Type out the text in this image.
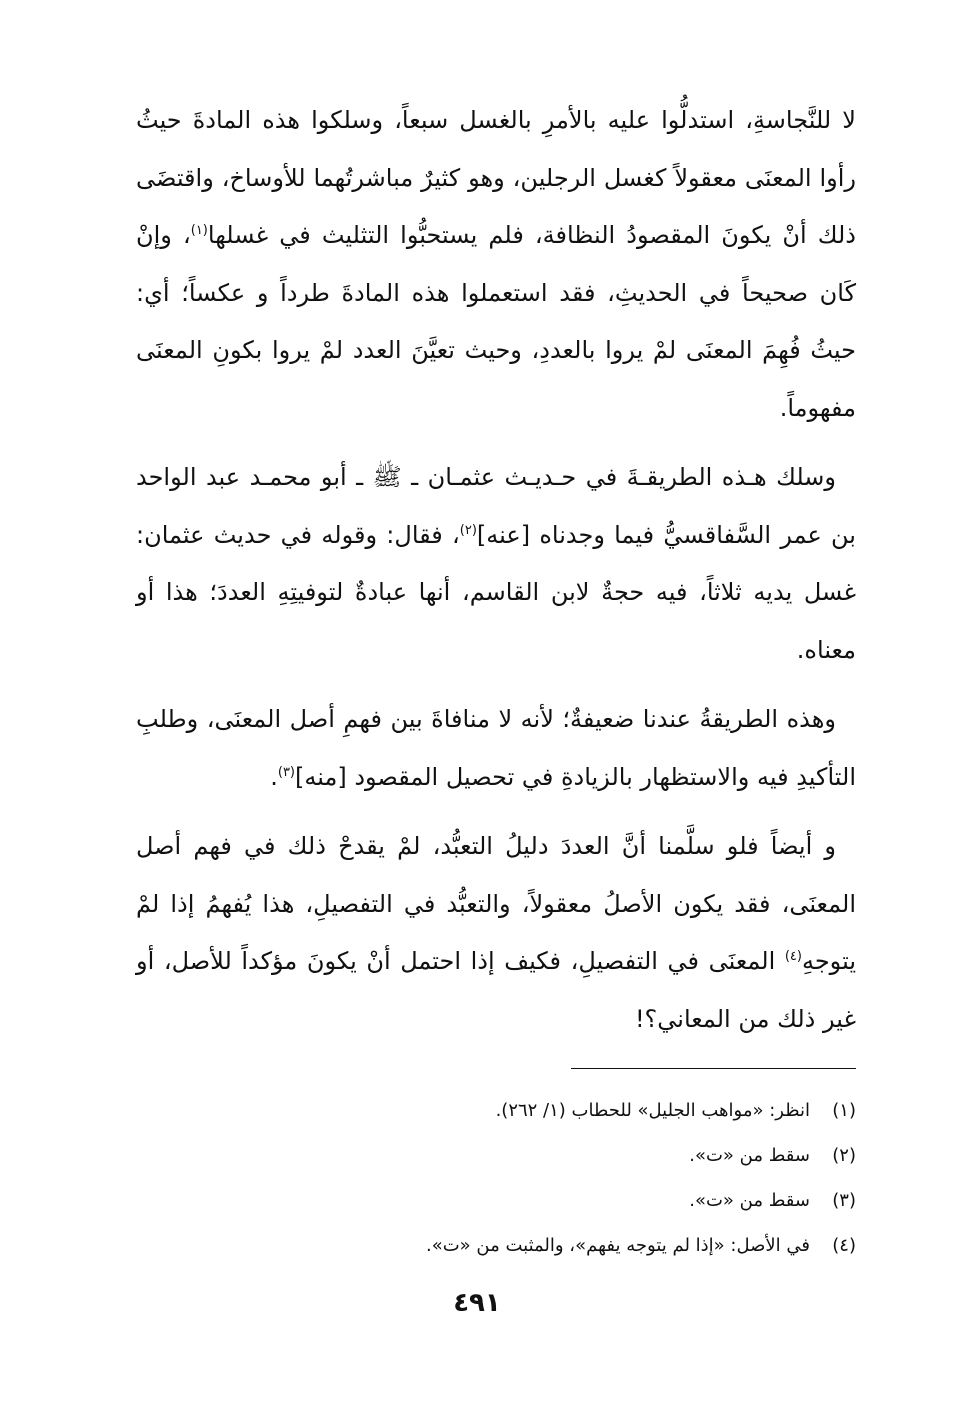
لا للنَّجاسةِ، استدلُّوا عليه بالأمرِ بالغسل سبعاً، وسلكوا هذه المادةَ حيثُ رأوا المعنَى معقولاً كغسل الرجلين، وهو كثيرٌ مباشرتُهما للأوساخ، واقتضَى ذلك أنْ يكونَ المقصودُ النظافة، فلم يستحبُّوا التثليث في غسلها$^{(١)}$، وإنْ كَان صحيحاً في الحديثِ، فقد استعملوا هذه المادةَ طرداً و عكساً؛ أي: حيثُ فُهِمَ المعنَى لمْ يروا بالعددِ، وحيث تعيَّنَ العدد لمْ يروا بكونِ المعنَى مفهوماً.

وسلك هـذه الطريقـةَ في حـديـث عثمـان ـ ﷺ ـ أبو محمـد عبد الواحد بن عمر السَّفاقسيُّ فيما وجدناه [عنه]$^{(٢)}$، فقال: وقوله في حديث عثمان: غسل يديه ثلاثاً، فيه حجةٌ لابن القاسم، أنها عبادةٌ لتوفيتِهِ العددَ؛ هذا أو معناه.

وهذه الطريقةُ عندنا ضعيفةٌ؛ لأنه لا منافاةَ بين فهمِ أصل المعنَى، وطلبِ التأكيدِ فيه والاستظهار بالزيادةِ في تحصيل المقصود [منه]$^{(٣)}$.

و أيضاً فلو سلَّمنا أنَّ العددَ دليلُ التعبُّد، لمْ يقدحْ ذلك في فهم أصل المعنَى، فقد يكون الأصلُ معقولاً، والتعبُّد في التفصيلِ، هذا يُفهمُ إذا لمْ يتوجهِ$^{(٤)}$ المعنَى في التفصيلِ، فكيف إذا احتمل أنْ يكونَ مؤكداً للأصل، أو غير ذلك من المعاني؟!

(١)
انظر: «مواهب الجليل» للحطاب (١/ ٢٦٢).
(٢)
سقط من «ت».
(٣)
سقط من «ت».
(٤)
في الأصل: «إذا لم يتوجه يفهم»، والمثبت من «ت».
٤٩١
